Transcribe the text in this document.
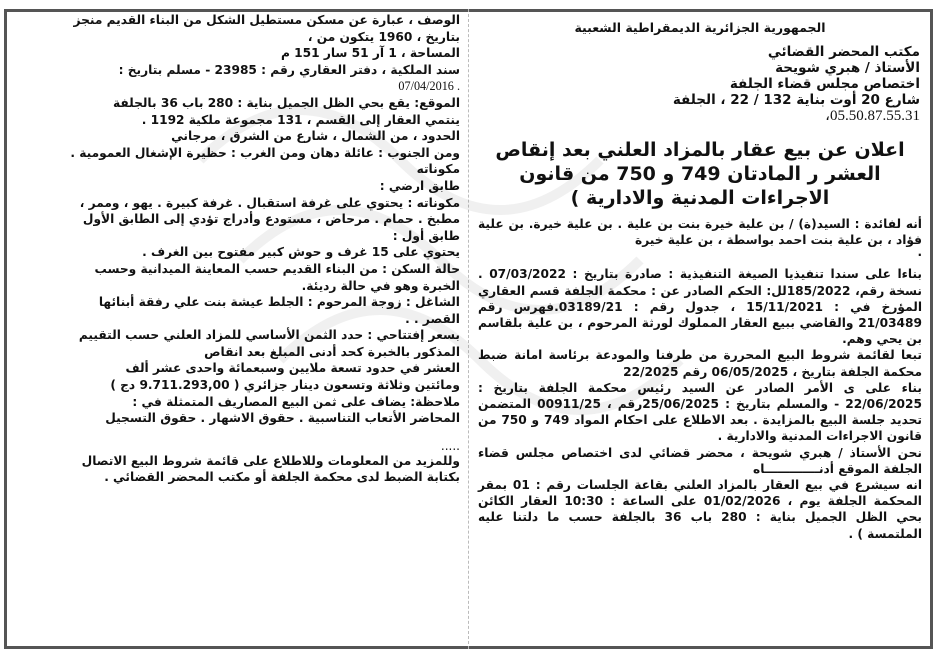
الجمهورية الجزائرية الديمقراطية الشعبية
مكتب المحضر القضائي
الأستاذ / هبري شويحة
اختصاص مجلس قضاء الجلفة
شارع 20 أوت بناية 132 / 22 ، الجلفة
05.50.87.55.31،
اعلان عن بيع عقار بالمزاد العلني بعد إنقاص
العشر ر المادتان 749 و 750 من قانون
الاجراءات المدنية والادارية )
أنه لفائدة : السيد(ة) / بن علية خيرة بنت بن علية . بن علية خيرة. بن علية فؤاد ، بن علية بنت احمد بواسطة ، بن علية خيرة
.
بناءا على سندا تنفيذيا الصيغة التنفيذية : صادرة بتاريخ : 07/03/2022 . نسخة رقم، 185/2022لل: الحكم الصادر عن : محكمة الجلفة قسم العقاري المؤرخ في : 15/11/2021 ، جدول رقم : 03189/21.فهرس رقم 21/03489 والقاضي ببيع العقار المملوك لورثة المرحوم ، بن علية بلقاسم بن يحي وهم.
تبعا لقائمة شروط البيع المحررة من طرفنا والمودعة برئاسة امانة ضبط محكمة الجلفة بتاريخ ، 06/05/2025 رقم 22/2025
بناء على ى الأمر الصادر عن السيد رئيس محكمة الجلفة بتاريخ : 22/06/2025 - والمسلم بتاريخ : 25/06/2025رقم ، 00911/25 المتضمن تحديد جلسة البيع بالمزايدة . بعد الاطلاع على احكام المواد 749 و 750 من قانون الاجراءات المدنية والادارية .
نحن الأستاذ / هبري شويحة ، محضر قضائي لدى اختصاص مجلس قضاء الجلفة الموقع أدنـــــــــــــاه
انه سيشرع في بيع العقار بالمزاد العلني بقاعة الجلسات رقم : 01 بمقر المحكمة الجلفة يوم ، 01/02/2026 على الساعة : 10:30 العقار الكائن بحي الظل الجميل بناية : 280 باب 36 بالجلفة حسب ما دلتنا عليه الملتمسة ) .
الوصف ، عبارة عن مسكن مستطيل الشكل من البناء القديم منجز
بتاريخ ، 1960 يتكون من ،
المساحة ، 1 آر 51 سار 151 م
سند الملكية ، دفتر العقاري رقم : 23985 - مسلم بتاريخ :
. 07/04/2016
الموقع: يقع بحي الظل الجميل بناية : 280 باب 36 بالجلفة
ينتمي العقار إلى القسم ، 131 مجموعة ملكية 1192 .
الحدود ، من الشمال ، شارع من الشرق ، مرجاني
ومن الجنوب : عائلة دهان ومن الغرب : حظيرة الإشغال العمومية .
مكوناته
طابق ارضي :
مكوناته : يحتوي على غرفة استقبال . غرفة كبيرة . يهو ، وممر ،
مطبخ . حمام . مرحاض ، مستودع وأدراج تؤدي إلى الطابق الأول
طابق أول :
يحتوي على 15 غرف و حوش كبير مفتوح بين الغرف .
حالة السكن : من البناء القديم حسب المعاينة الميدانية وحسب
الخبرة وهو في حالة رديئة.
الشاغل : زوجة المرحوم : الجلط عيشة بنت علي رفقة أبنائها
القصر . .
بسعر إفتتاحي : حدد الثمن الأساسي للمزاد العلني حسب التقييم
المذكور بالخبرة كحد أدنى المبلغ بعد انقاص
العشر في حدود تسعة ملايين وسبعمائة واحدى عشر ألف
ومائتين وثلاثة وتسعون دينار جزائري ( 9.711.293,00 دج )
ملاحظة: يضاف على ثمن البيع المصاريف المتمثلة في :
المحاضر الأتعاب التناسبية . حقوق الاشهار . حقوق التسجيل
.....
وللمزيد من المعلومات وللاطلاع على قائمة شروط البيع الاتصال
بكتابة الضبط لدى محكمة الجلفة أو مكتب المحضر القضائي .
